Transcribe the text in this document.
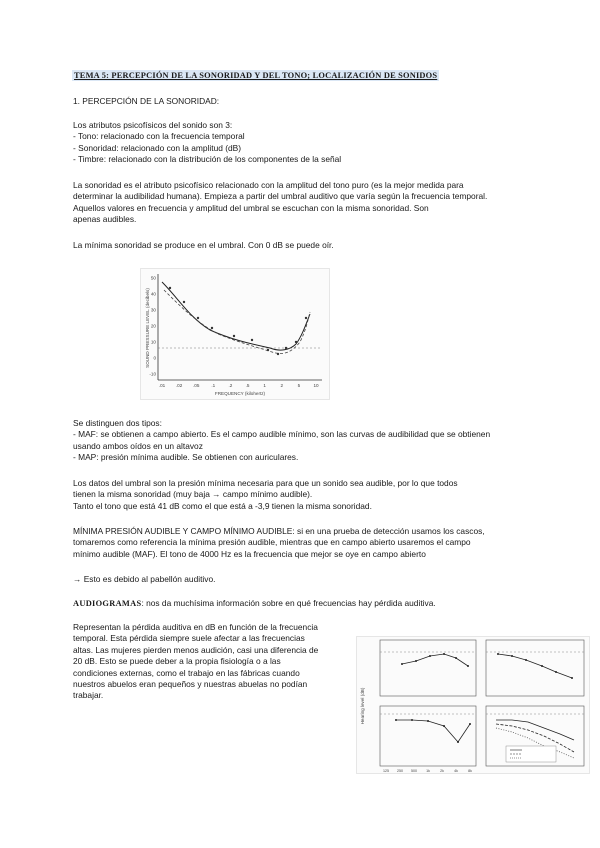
TEMA 5: PERCEPCIÓN DE LA SONORIDAD Y DEL TONO; LOCALIZACIÓN DE SONIDOS
1. PERCEPCIÓN DE LA SONORIDAD:

Los atributos psicofísicos del sonido son 3:

- Tono: relacionado con la frecuencia temporal

- Sonoridad: relacionado con la amplitud (dB)

- Timbre: relacionado con la distribución de los componentes de la señal

La sonoridad es el atributo psicofísico relacionado con la amplitud del tono puro (es la mejor medida para

determinar la audibilidad humana). Empieza a partir del umbral auditivo que varía según la frecuencia temporal.

Aquellos valores en frecuencia y amplitud del umbral se escuchan con la misma sonoridad. Son

apenas audibles.

La mínima sonoridad se produce en el umbral. Con 0 dB se puede oír.
50
40
30
20
10
0
-10
.01 .02 .05	.1	.2	.5	1	2	5	10
SOUND PRESSURE LEVEL (decibels)
FREQUENCY (kilohertz)

Se distinguen dos tipos:

- MAF: se obtienen a campo abierto. Es el campo audible mínimo, son las curvas de audibilidad que se obtienen

usando ambos oídos en un altavoz

- MAP: presión mínima audible. Se obtienen con auriculares.

Los datos del umbral son la presión mínima necesaria para que un sonido sea audible, por lo que todos

tienen la misma sonoridad (muy baja → campo mínimo audible).

Tanto el tono que está 41 dB como el que está a -3,9 tienen la misma sonoridad.

MÍNIMA PRESIÓN AUDIBLE Y CAMPO MÍNIMO AUDIBLE: si en una prueba de detección usamos los cascos,

tomaremos como referencia la mínima presión audible, mientras que en campo abierto usaremos el campo

mínimo audible (MAF). El tono de 4000 Hz es la frecuencia que mejor se oye en campo abierto

→ Esto es debido al pabellón auditivo.
AUDIOGRAMAS: nos da muchísima información sobre en qué frecuencias hay pérdida auditiva.

Representan la pérdida auditiva en dB en función de la frecuencia

temporal. Esta pérdida siempre suele afectar a las frecuencias

altas. Las mujeres pierden menos audición, casi una diferencia de

20 dB. Esto se puede deber a la propia fisiología o a las

condiciones externas, como el trabajo en las fábricas cuando

nuestros abuelos eran pequeños y nuestras abuelas no podían

trabajar.	Hearing level (dB)
125 250 500	1k	2k	4k	8k
